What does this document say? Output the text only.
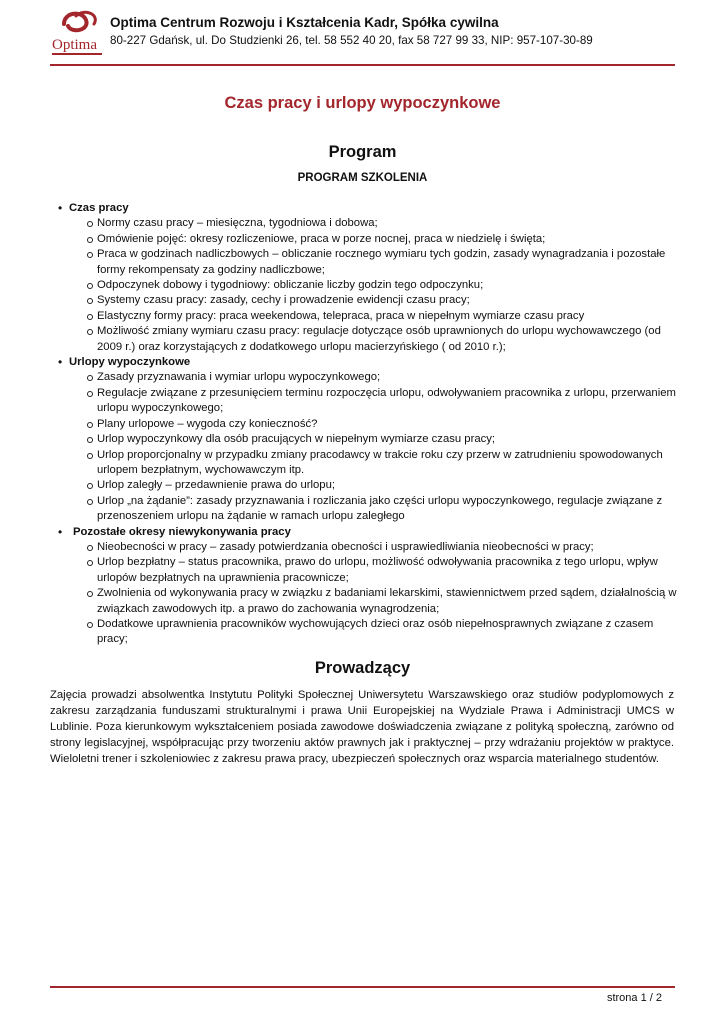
Optima
Optima Centrum Rozwoju i Kształcenia Kadr, Spółka cywilna
80-227 Gdańsk, ul. Do Studzienki 26, tel. 58 552 40 20, fax 58 727 99 33, NIP: 957-107-30-89
Czas pracy i urlopy wypoczynkowe
Program
PROGRAM SZKOLENIA
• Czas pracy
Normy czasu pracy – miesięczna, tygodniowa i dobowa;
Omówienie pojęć: okresy rozliczeniowe, praca w porze nocnej, praca w niedzielę i święta;
Praca w godzinach nadliczbowych – obliczanie rocznego wymiaru tych godzin, zasady wynagradzania i pozostałe formy rekompensaty za godziny nadliczbowe;
Odpoczynek dobowy i tygodniowy: obliczanie liczby godzin tego odpoczynku;
Systemy czasu pracy: zasady, cechy i prowadzenie ewidencji czasu pracy;
Elastyczny formy pracy: praca weekendowa, telepraca, praca w niepełnym wymiarze czasu pracy
Możliwość zmiany wymiaru czasu pracy: regulacje dotyczące osób uprawnionych do urlopu wychowawczego (od 2009 r.) oraz korzystających z dodatkowego urlopu macierzyńskiego ( od 2010 r.);
• Urlopy wypoczynkowe
Zasady przyznawania i wymiar urlopu wypoczynkowego;
Regulacje związane z przesunięciem terminu rozpoczęcia urlopu, odwoływaniem pracownika z urlopu, przerwaniem urlopu wypoczynkowego;
Plany urlopowe – wygoda czy konieczność?
Urlop wypoczynkowy dla osób pracujących w niepełnym wymiarze czasu pracy;
Urlop proporcjonalny w przypadku zmiany pracodawcy w trakcie roku czy przerw w zatrudnieniu spowodowanych urlopem bezpłatnym, wychowawczym itp.
Urlop zaległy – przedawnienie prawa do urlopu;
Urlop „na żądanie”: zasady przyznawania i rozliczania jako części urlopu wypoczynkowego, regulacje związane z przenoszeniem urlopu na żądanie w ramach urlopu zaległego
• Pozostałe okresy niewykonywania pracy
Nieobecności w pracy – zasady potwierdzania obecności i usprawiedliwiania nieobecności w pracy;
Urlop bezpłatny – status pracownika, prawo do urlopu, możliwość odwoływania pracownika z tego urlopu, wpływ urlopów bezpłatnych na uprawnienia pracownicze;
Zwolnienia od wykonywania pracy w związku z badaniami lekarskimi, stawiennictwem przed sądem, działalnością w związkach zawodowych itp. a prawo do zachowania wynagrodzenia;
Dodatkowe uprawnienia pracowników wychowujących dzieci oraz osób niepełnosprawnych związane z czasem pracy;
Prowadzący
Zajęcia prowadzi absolwentka Instytutu Polityki Społecznej Uniwersytetu Warszawskiego oraz studiów podyplomowych z zakresu zarządzania funduszami strukturalnymi i prawa Unii Europejskiej na Wydziale Prawa i Administracji UMCS w Lublinie. Poza kierunkowym wykształceniem posiada zawodowe doświadczenia związane z polityką społeczną, zarówno od strony legislacyjnej, współpracując przy tworzeniu aktów prawnych jak i praktycznej – przy wdrażaniu projektów w praktyce. Wieloletni trener i szkoleniowiec z zakresu prawa pracy, ubezpieczeń społecznych oraz wsparcia materialnego studentów.
strona 1 / 2
